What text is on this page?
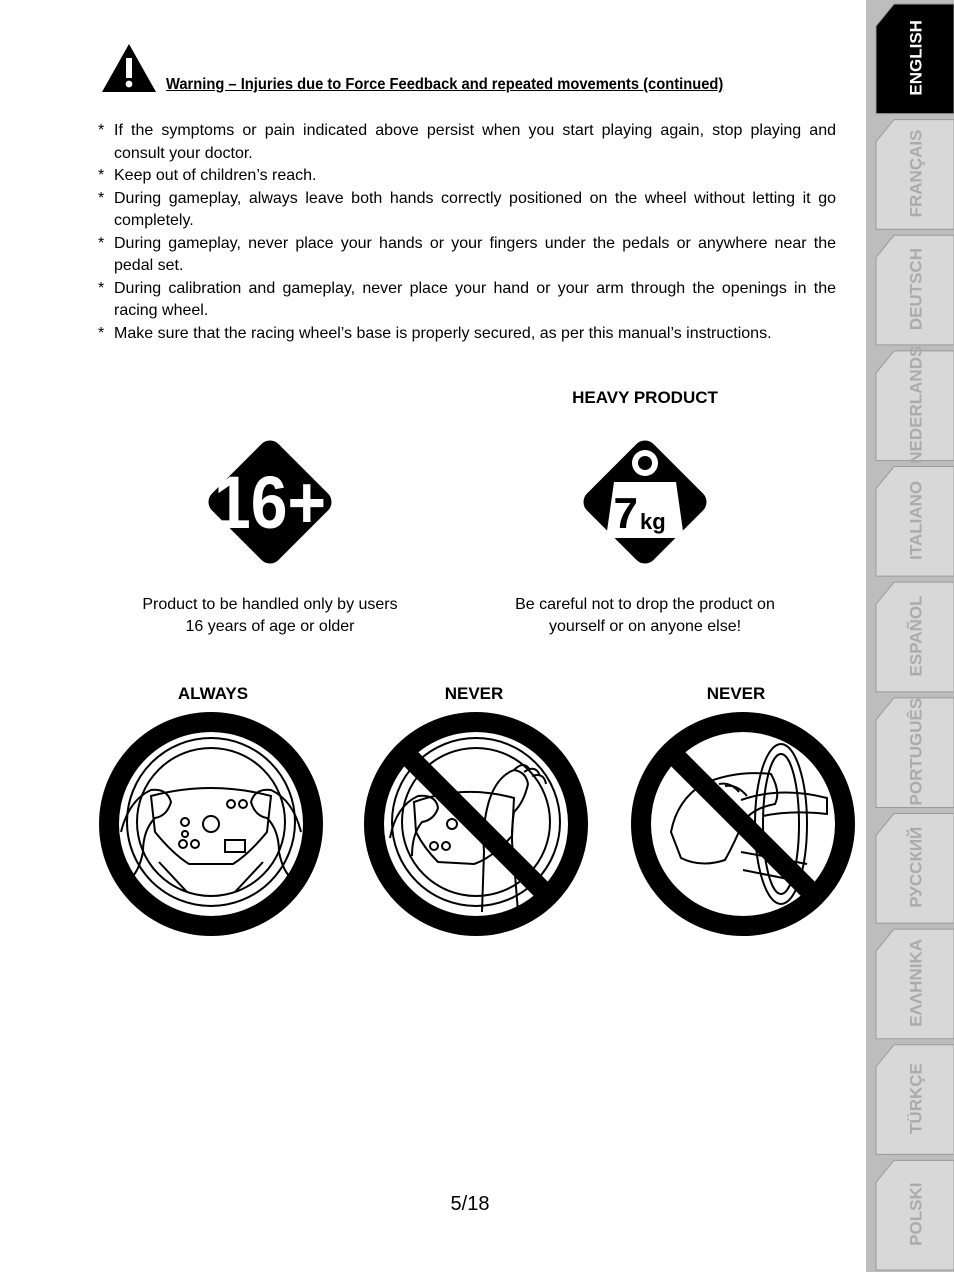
Warning – Injuries due to Force Feedback and repeated movements (continued)
* If the symptoms or pain indicated above persist when you start playing again, stop playing and consult your doctor.
* Keep out of children’s reach.
* During gameplay, always leave both hands correctly positioned on the wheel without letting it go completely.
* During gameplay, never place your hands or your fingers under the pedals or anywhere near the pedal set.
* During calibration and gameplay, never place your hand or your arm through the openings in the racing wheel.
* Make sure that the racing wheel’s base is properly secured, as per this manual’s instructions.
HEAVY PRODUCT
16+	7 kg
Product to be handled only by users
16 years of age or older
Be careful not to drop the product on
yourself or on anyone else!
ALWAYS	NEVER	NEVER
5/18
ENGLISH
FRANÇAIS
DEUTSCH
NEDERLANDS
ITALIANO
ESPAÑOL
PORTUGUÊS
РУССКИЙ
ΕΛΛΗΝΙΚΑ
TÜRKÇE
POLSKI
